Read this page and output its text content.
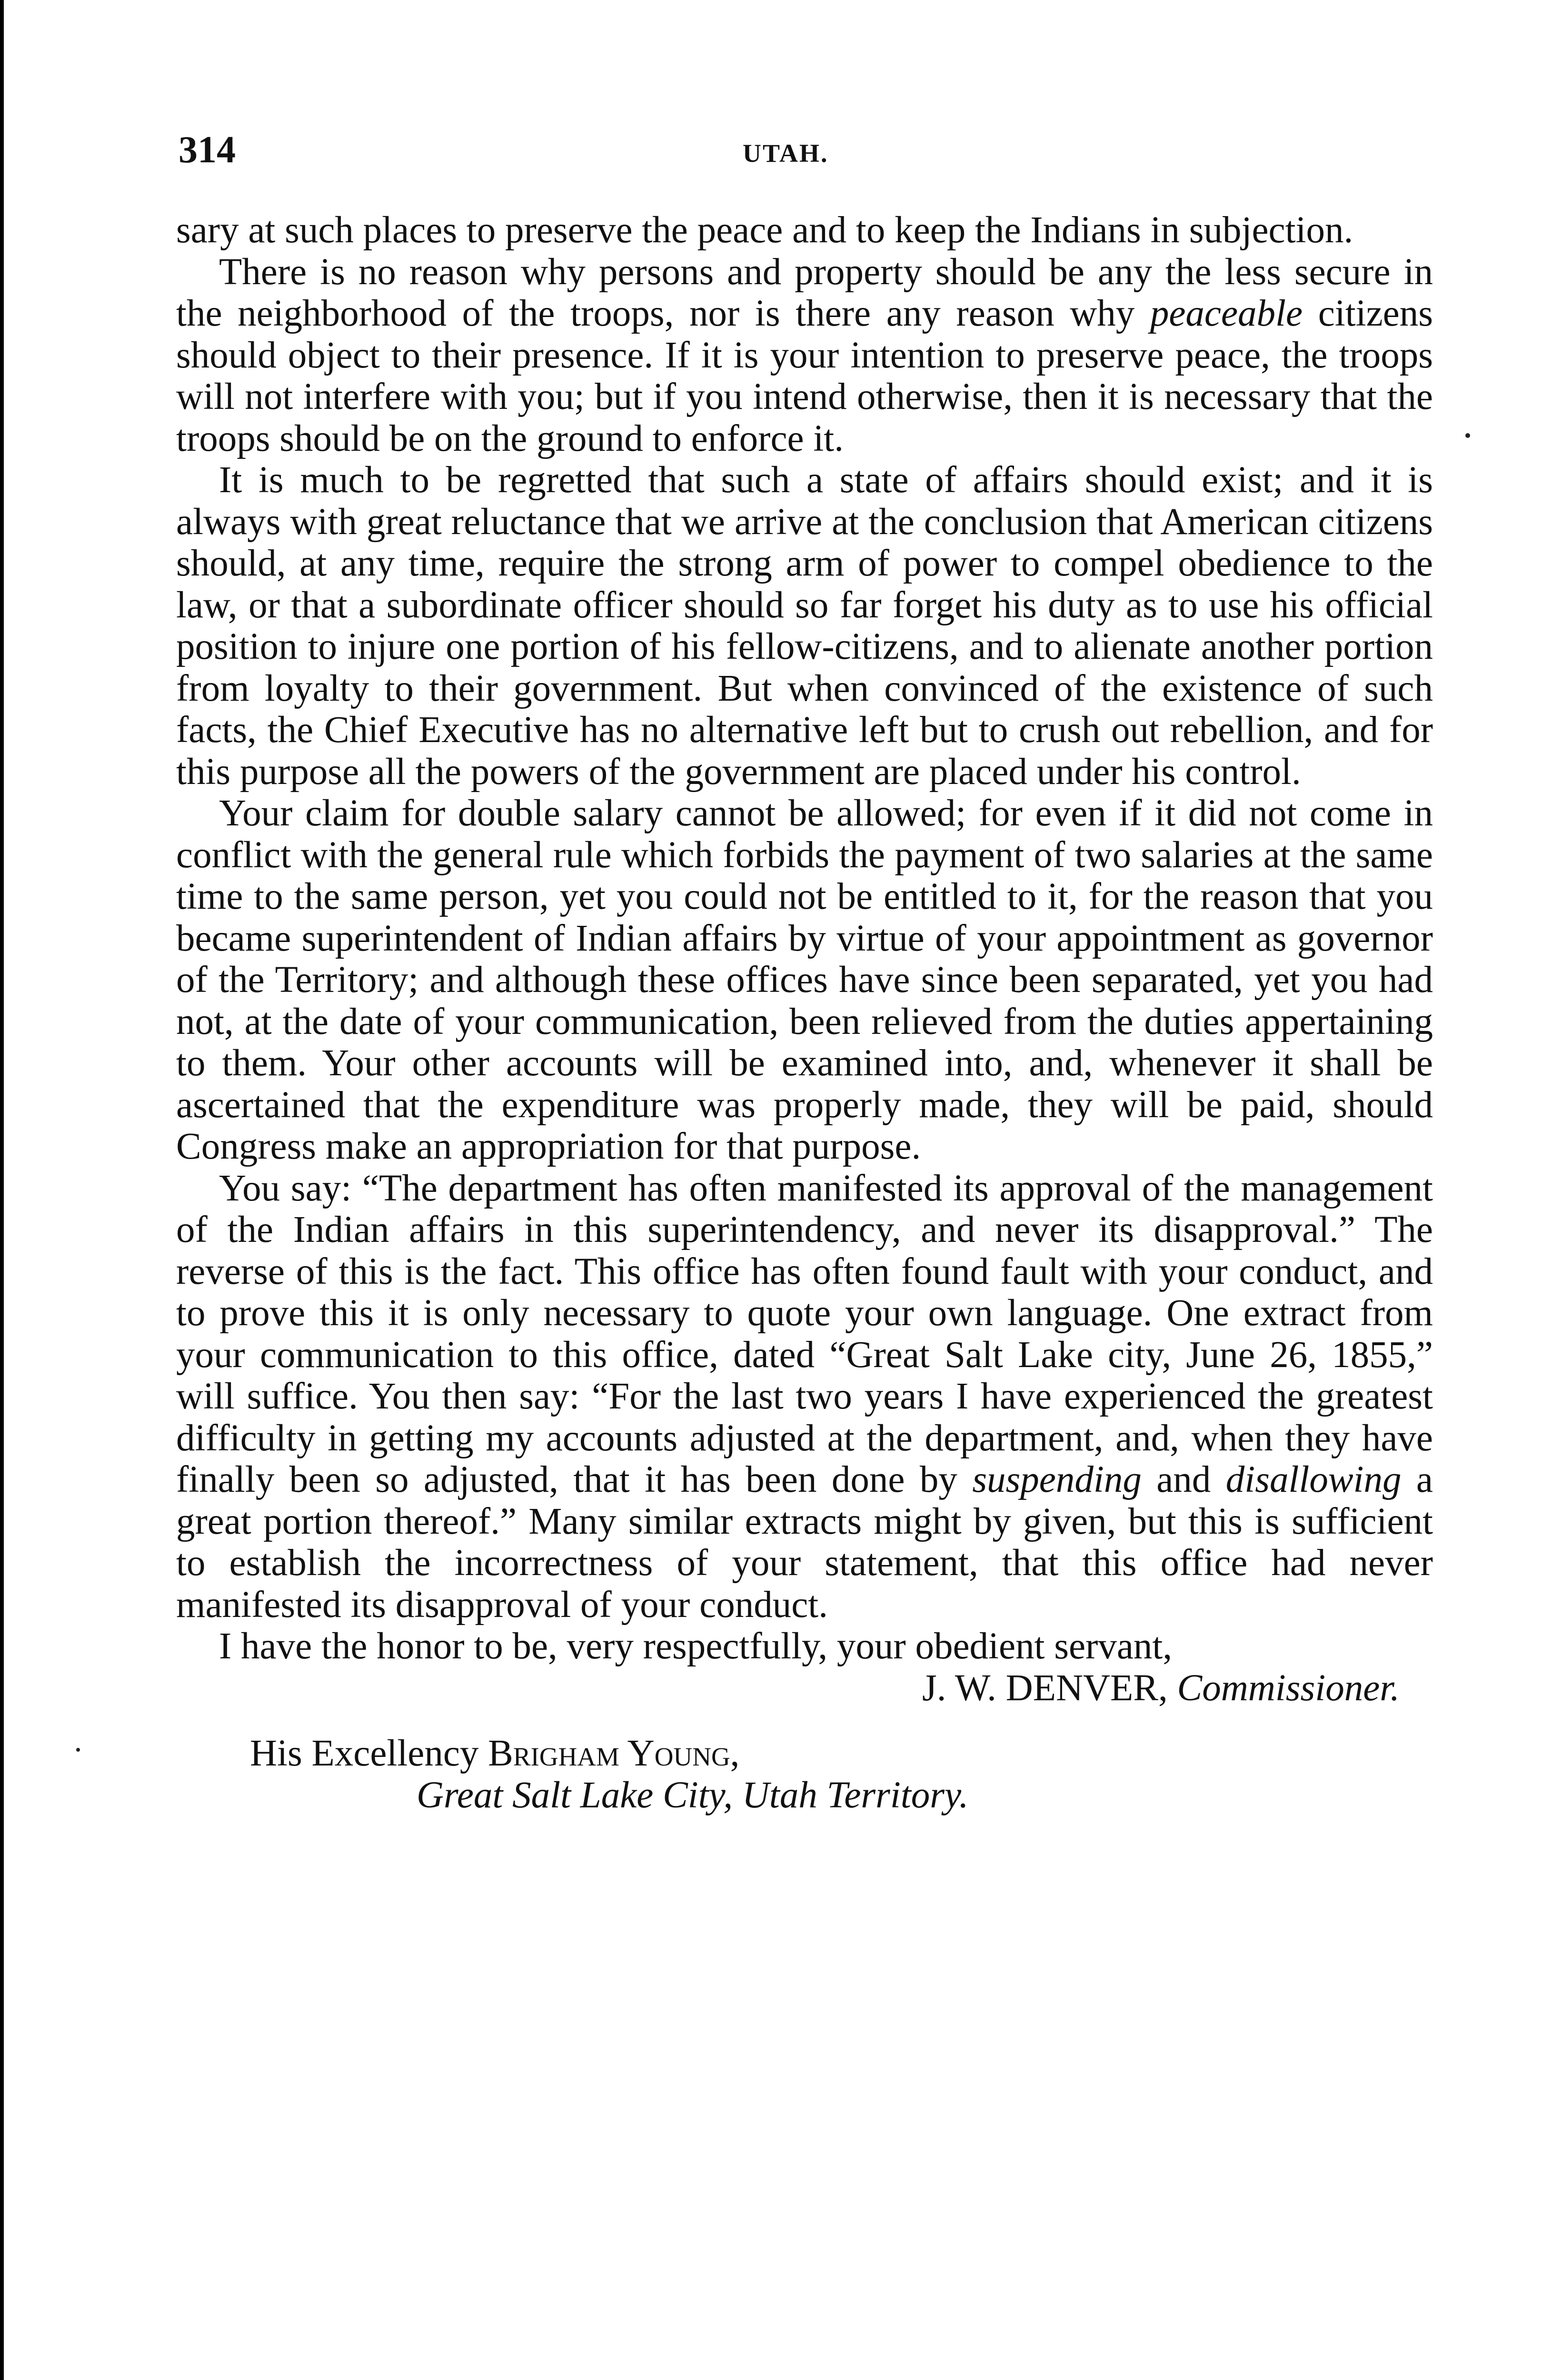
314	UTAH.

sary at such places to preserve the peace and to keep the Indians in subjection.

There is no reason why persons and property should be any the less secure in the neighborhood of the troops, nor is there any reason why peaceable citizens should object to their presence. If it is your intention to preserve peace, the troops will not interfere with you; but if you intend otherwise, then it is necessary that the troops should be on the ground to enforce it.

It is much to be regretted that such a state of affairs should exist; and it is always with great reluctance that we arrive at the conclusion that American citizens should, at any time, require the strong arm of power to compel obedience to the law, or that a subordinate officer should so far forget his duty as to use his official position to injure one portion of his fellow-citizens, and to alienate another portion from loyalty to their government. But when convinced of the existence of such facts, the Chief Executive has no alternative left but to crush out rebellion, and for this purpose all the powers of the government are placed under his control.

Your claim for double salary cannot be allowed; for even if it did not come in conflict with the general rule which forbids the payment of two salaries at the same time to the same person, yet you could not be entitled to it, for the reason that you became superintendent of Indian affairs by virtue of your appointment as governor of the Territory; and although these offices have since been separated, yet you had not, at the date of your communication, been relieved from the duties appertaining to them. Your other accounts will be examined into, and, whenever it shall be ascertained that the expenditure was properly made, they will be paid, should Congress make an appropriation for that purpose.

You say: “The department has often manifested its approval of the management of the Indian affairs in this superintendency, and never its disapproval.” The reverse of this is the fact. This office has often found fault with your conduct, and to prove this it is only necessary to quote your own language. One extract from your communication to this office, dated “Great Salt Lake city, June 26, 1855,” will suffice. You then say: “For the last two years I have experienced the greatest difficulty in getting my accounts adjusted at the department, and, when they have finally been so adjusted, that it has been done by suspending and disallowing a great portion thereof.” Many similar extracts might by given, but this is sufficient to establish the incorrectness of your statement, that this office had never manifested its disapproval of your conduct.

I have the honor to be, very respectfully, your obedient servant,

J. W. DENVER, Commissioner.

His Excellency Brigham Young,

Great Salt Lake City, Utah Territory.
